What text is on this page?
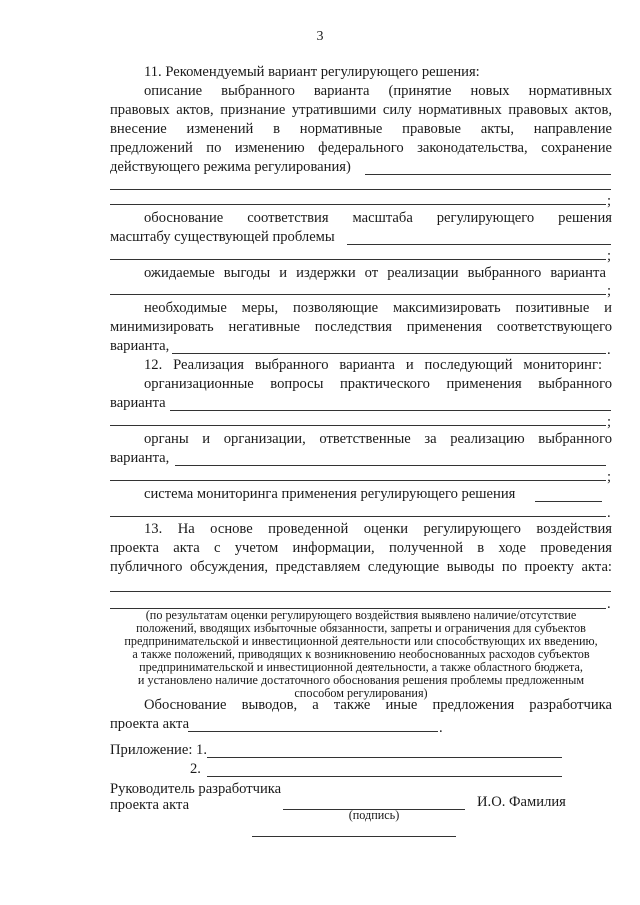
3
11. Рекомендуемый вариант регулирующего решения:
описание выбранного варианта (принятие новых нормативных
правовых актов, признание утратившими силу нормативных правовых актов,
внесение изменений в нормативные правовые акты, направление
предложений по изменению федерального законодательства, сохранение
действующего режима регулирования)
;
обоснование соответствия масштаба регулирующего решения
масштабу существующей проблемы
;
ожидаемые выгоды и издержки от реализации выбранного варианта
;
необходимые меры, позволяющие максимизировать позитивные и
минимизировать негативные последствия применения соответствующего
варианта,	.
12. Реализация выбранного варианта и последующий мониторинг:
организационные вопросы практического применения выбранного
варианта
;
органы и организации, ответственные за реализацию выбранного
варианта,
;
система мониторинга применения регулирующего решения
.
13. На основе проведенной оценки регулирующего воздействия
проекта акта с учетом информации, полученной в ходе проведения
публичного обсуждения, представляем следующие выводы по проекту акта:
.
(по результатам оценки регулирующего воздействия выявлено наличие/отсутствие
положений, вводящих избыточные обязанности, запреты и ограничения для субъектов
предпринимательской и инвестиционной деятельности или способствующих их введению,
а также положений, приводящих к возникновению необоснованных расходов субъектов
предпринимательской и инвестиционной деятельности, а также областного бюджета,
и установлено наличие достаточного обоснования решения проблемы предложенным
способом регулирования)
Обоснование выводов, а также иные предложения разработчика
проекта акта	.
Приложение: 1.
2.
Руководитель разработчика
проекта акта	И.О. Фамилия
(подпись)
